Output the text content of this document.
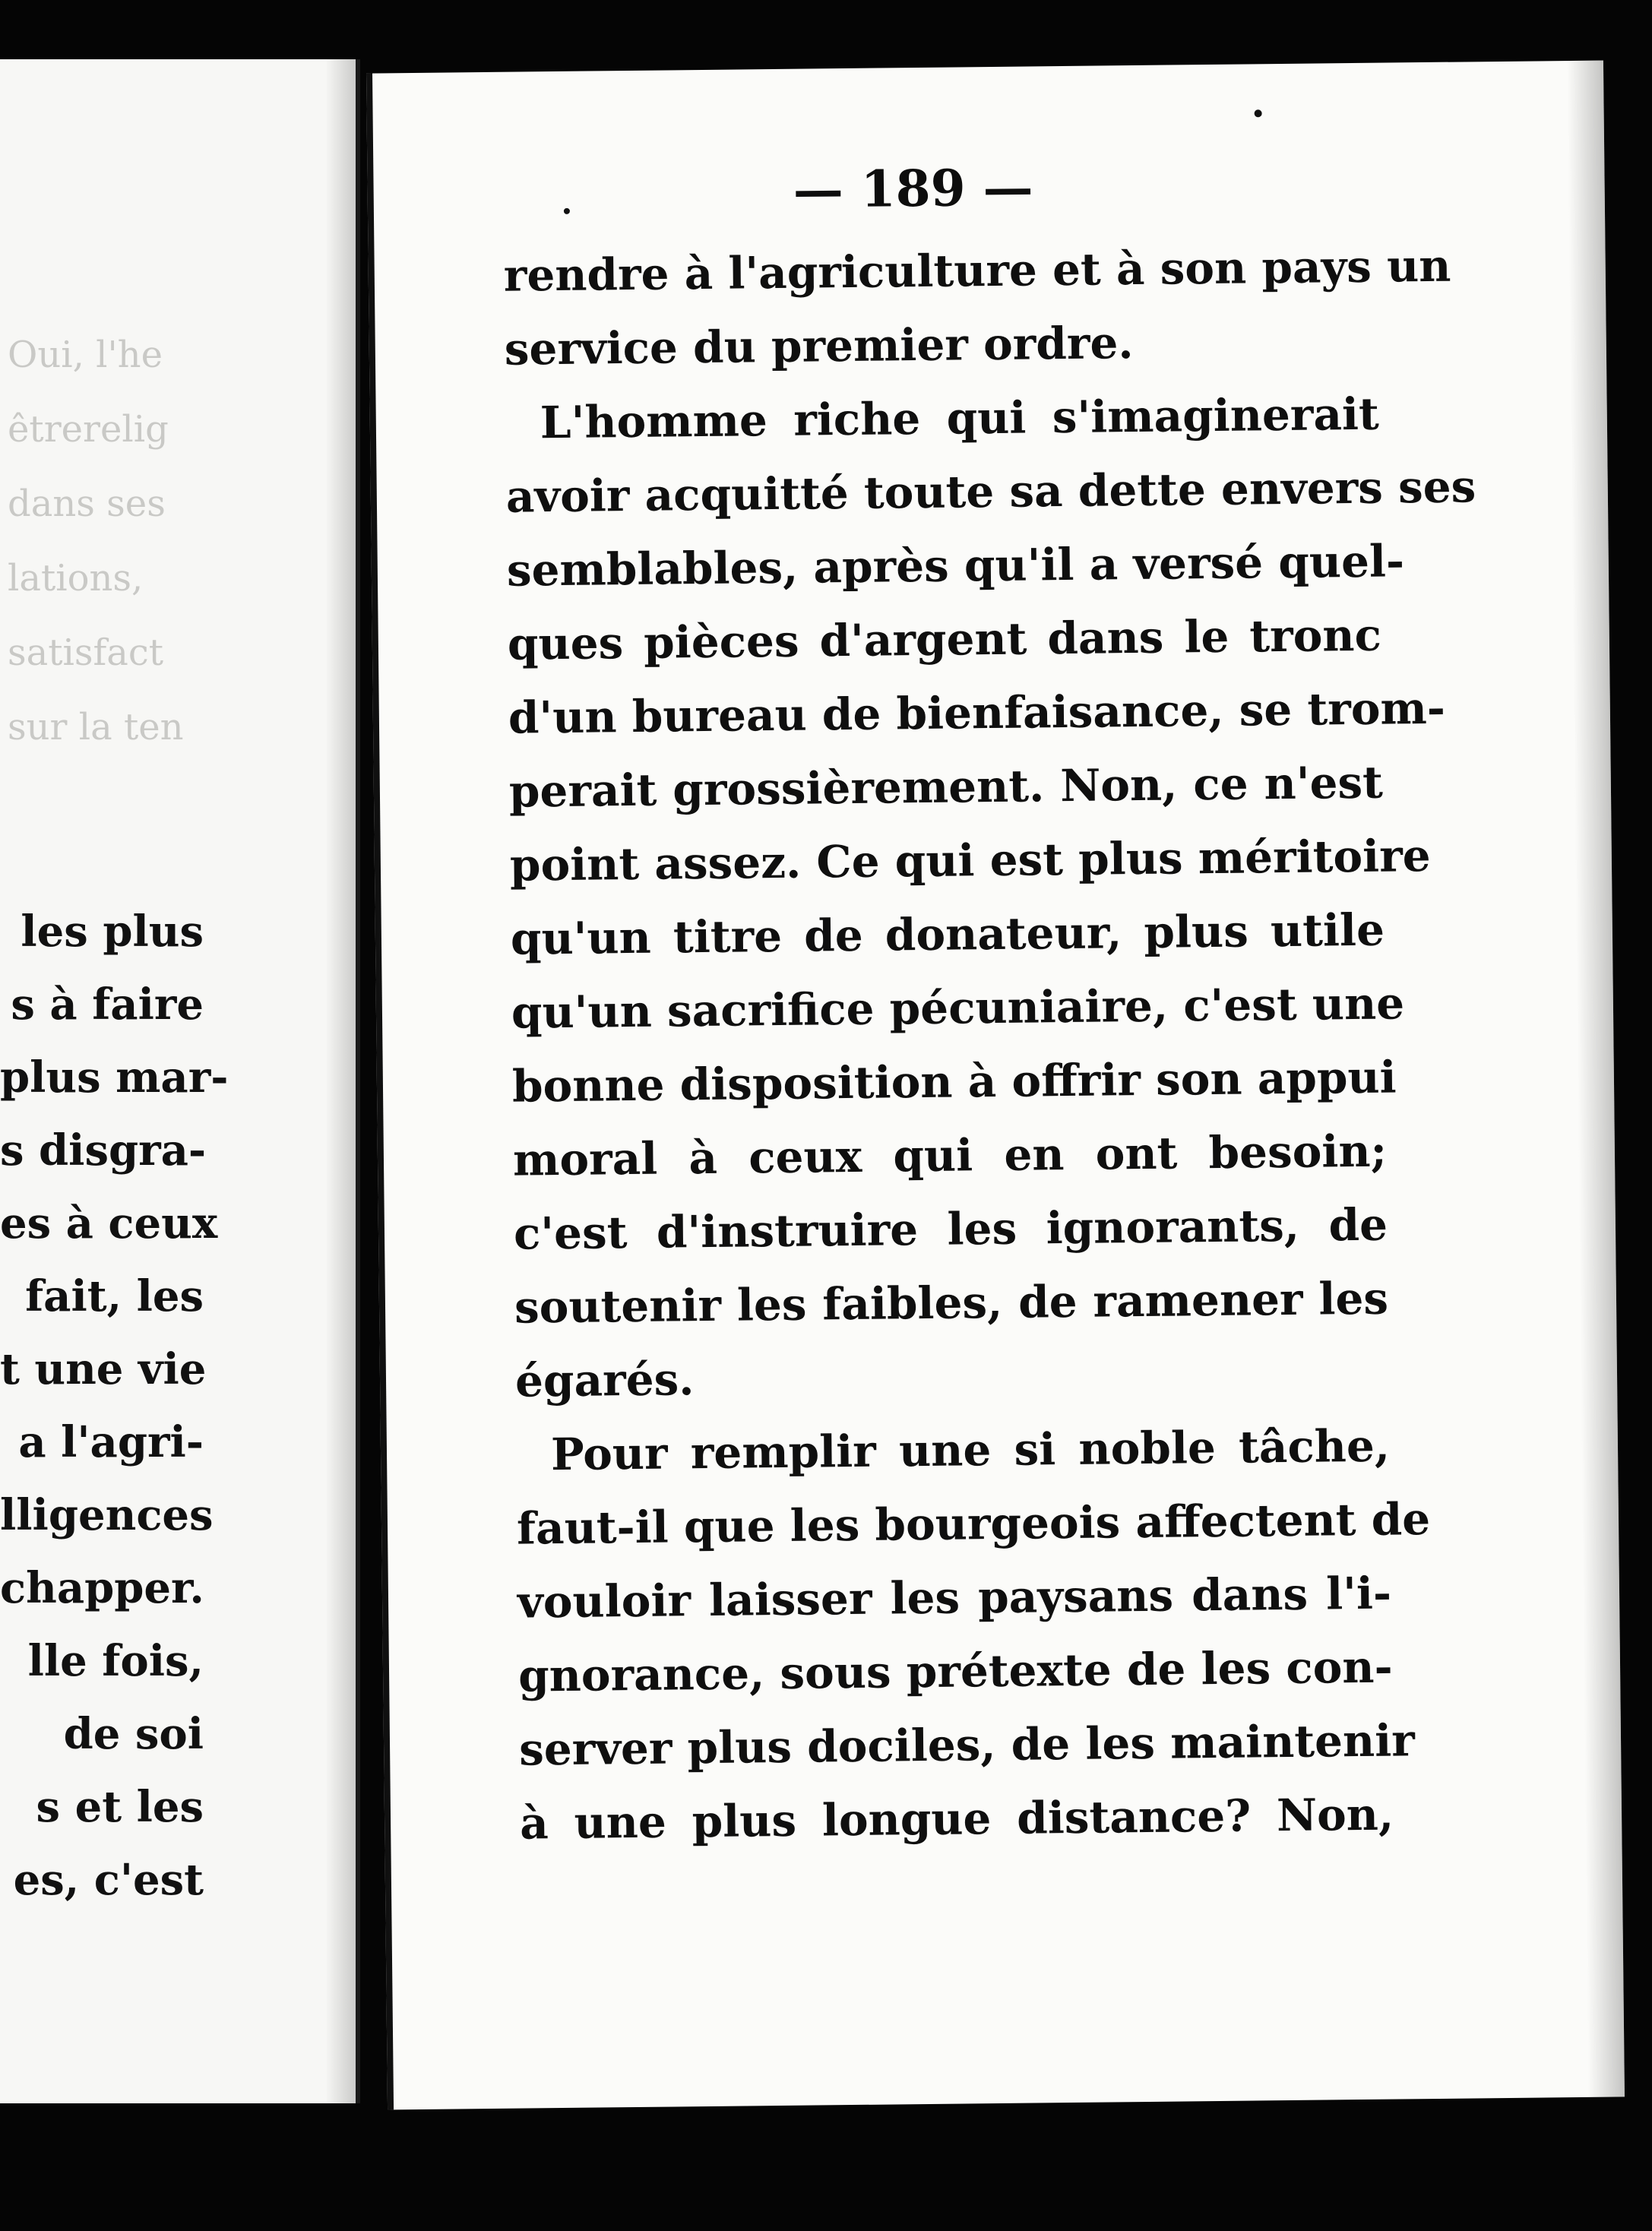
Oui, l'he
êtrerelig
dans ses
lations,
satisfact
sur la ten
les plus
s à faire
plus mar-
s disgra-
es à ceux
fait, les
t une vie
a l'agri-
lligences
chapper.
lle fois,
de soi
s et les
es, c'est
— 189 —
rendre à l'agriculture et à son pays un
service du premier ordre.
L'homme riche qui s'imaginerait
avoir acquitté toute sa dette envers ses
semblables, après qu'il a versé quel-
ques pièces d'argent dans le tronc
d'un bureau de bienfaisance, se trom-
perait grossièrement. Non, ce n'est
point assez. Ce qui est plus méritoire
qu'un titre de donateur, plus utile
qu'un sacrifice pécuniaire, c'est une
bonne disposition à offrir son appui
moral à ceux qui en ont besoin;
c'est d'instruire les ignorants, de
soutenir les faibles, de ramener les
égarés.
Pour remplir une si noble tâche,
faut-il que les bourgeois affectent de
vouloir laisser les paysans dans l'i-
gnorance, sous prétexte de les con-
server plus dociles, de les maintenir
à une plus longue distance? Non,
